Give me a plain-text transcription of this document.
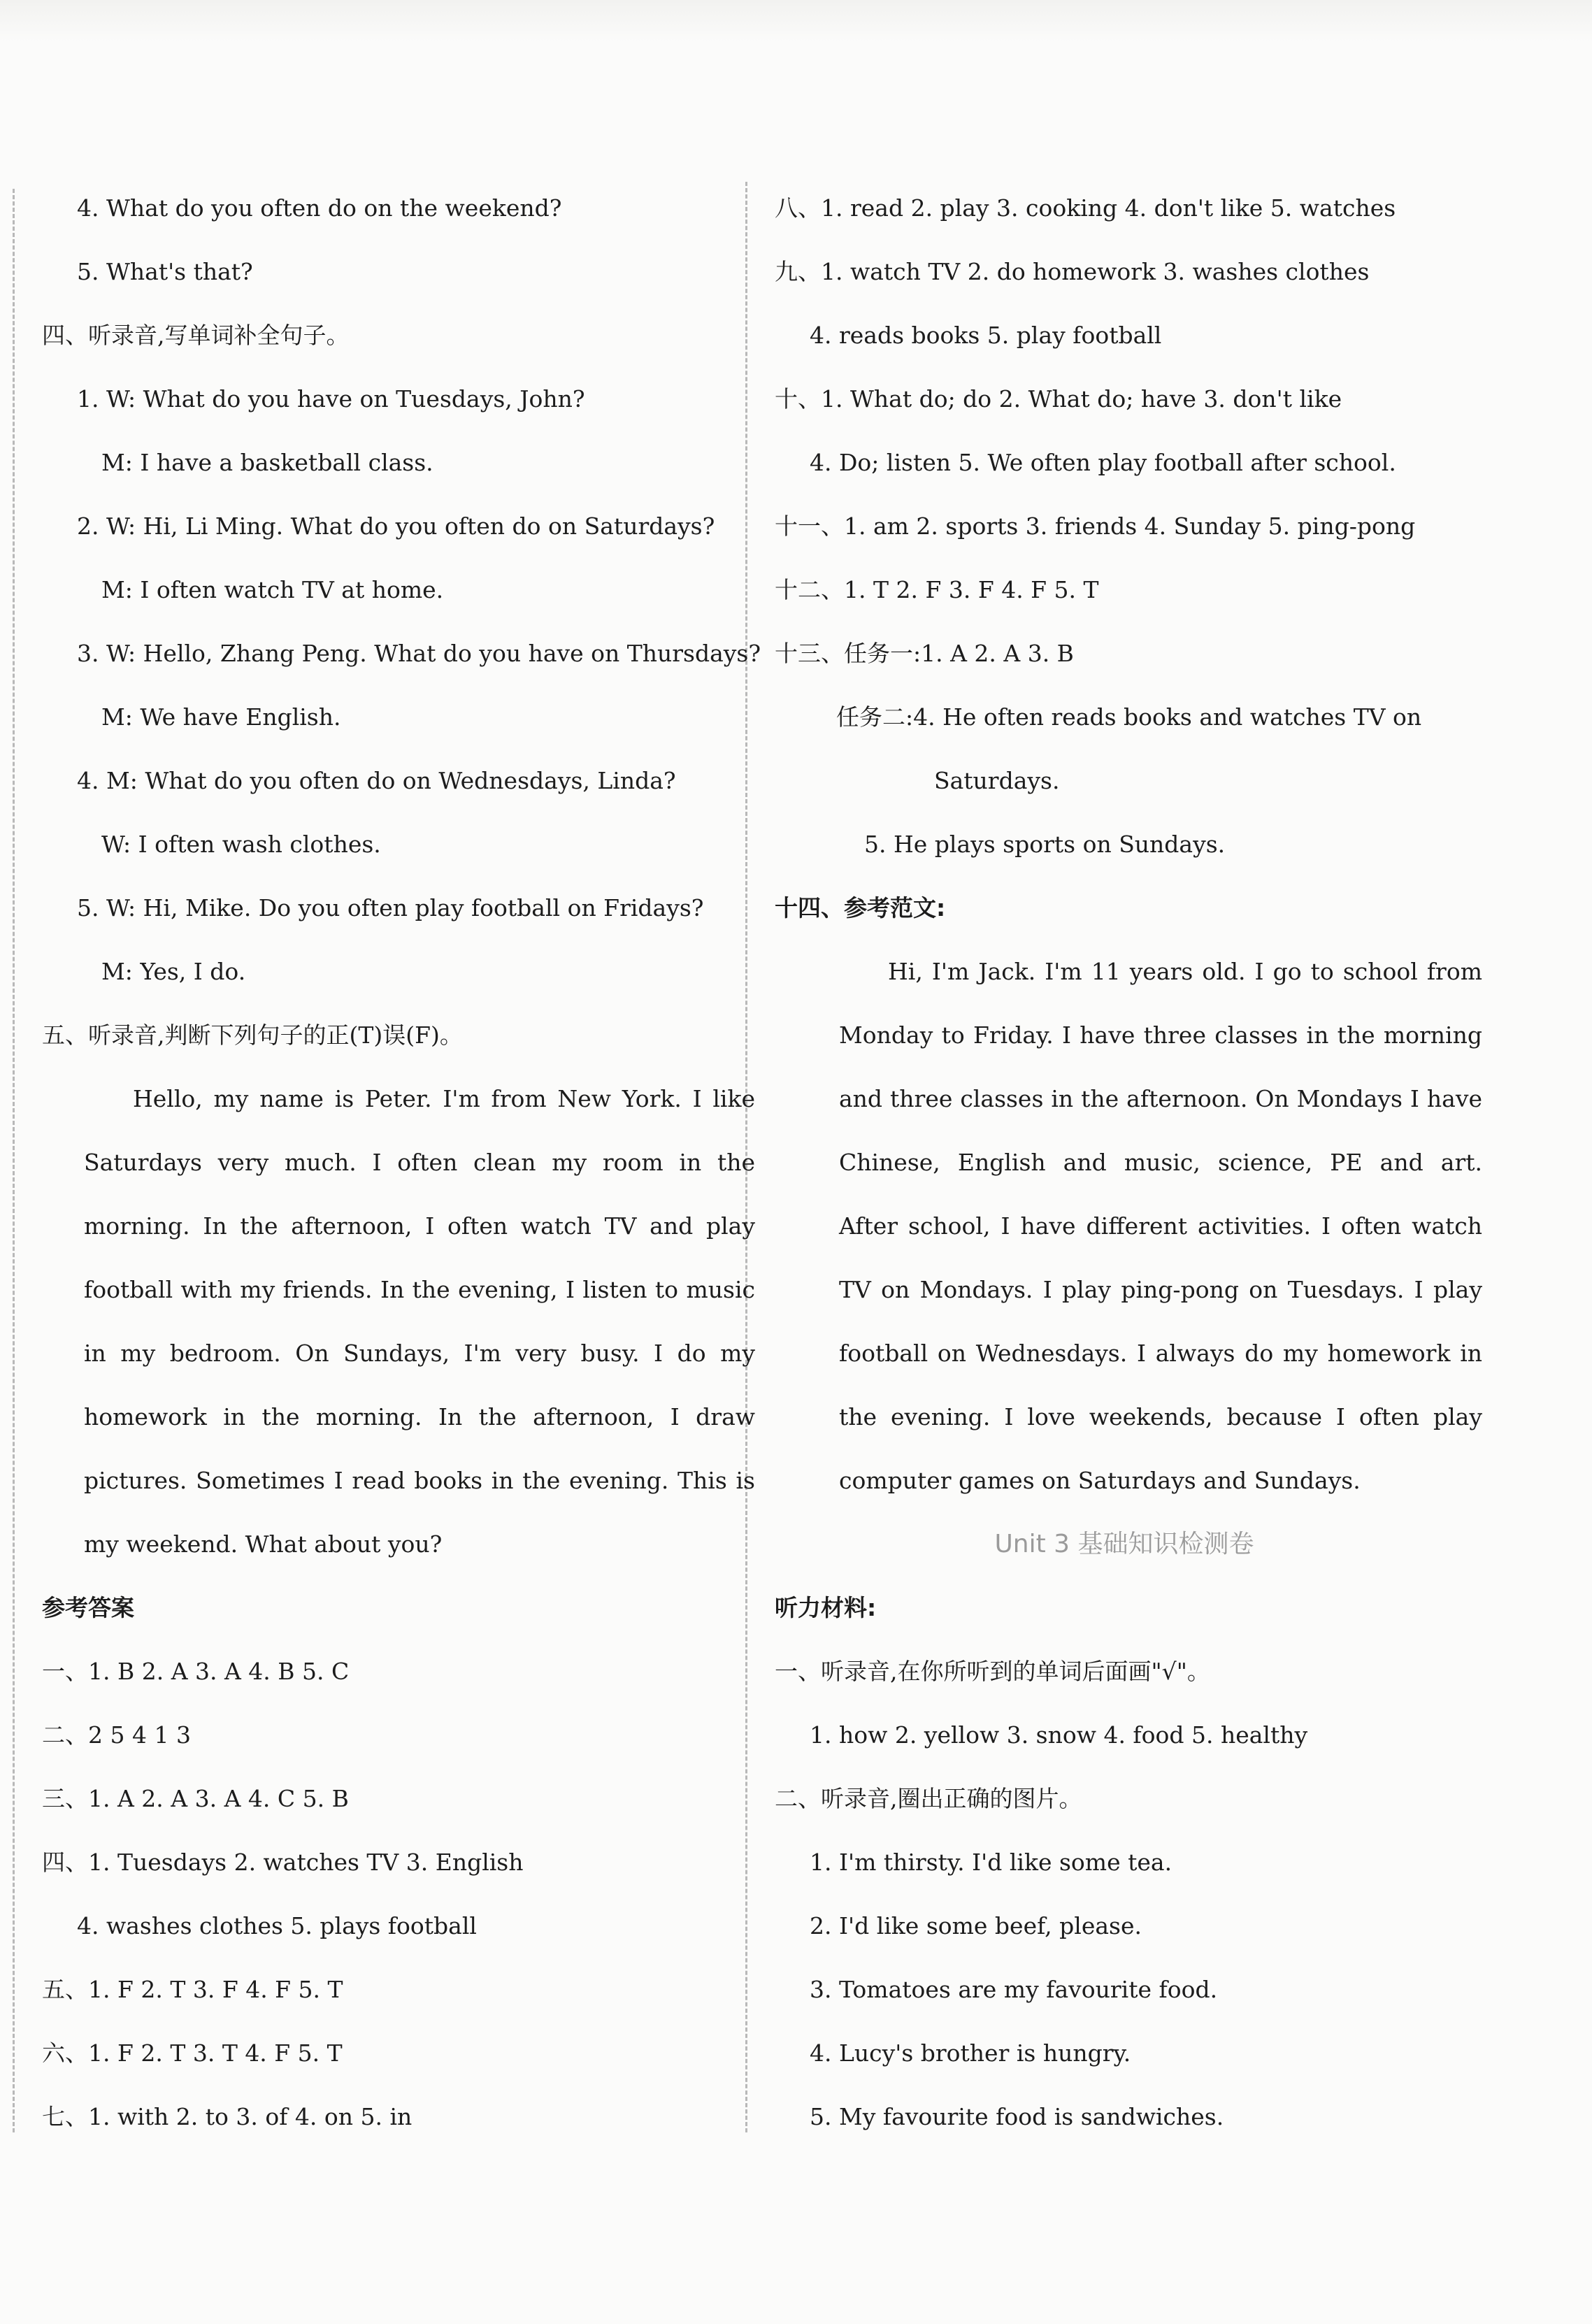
4. What do you often do on the weekend?
5. What's that?
四、听录音,写单词补全句子。
1. W: What do you have on Tuesdays, John?
M: I have a basketball class.
2. W: Hi, Li Ming. What do you often do on Saturdays?
M: I often watch TV at home.
3. W: Hello, Zhang Peng. What do you have on Thursdays?
M: We have English.
4. M: What do you often do on Wednesdays, Linda?
W: I often wash clothes.
5. W: Hi, Mike. Do you often play football on Fridays?
M: Yes, I do.
五、听录音,判断下列句子的正(T)误(F)。
Hello, my name is Peter. I'm from New York. I like
Saturdays very much. I often clean my room in the
morning. In the afternoon, I often watch TV and play
football with my friends. In the evening, I listen to music
in my bedroom. On Sundays, I'm very busy. I do my
homework in the morning. In the afternoon, I draw
pictures. Sometimes I read books in the evening. This is
my weekend. What about you?
参考答案
一、1. B 2. A 3. A 4. B 5. C
二、2 5 4 1 3
三、1. A 2. A 3. A 4. C 5. B
四、1. Tuesdays 2. watches TV 3. English
4. washes clothes 5. plays football
五、1. F 2. T 3. F 4. F 5. T
六、1. F 2. T 3. T 4. F 5. T
七、1. with 2. to 3. of 4. on 5. in
八、1. read 2. play 3. cooking 4. don't like 5. watches
九、1. watch TV 2. do homework 3. washes clothes
4. reads books 5. play football
十、1. What do; do 2. What do; have 3. don't like
4. Do; listen 5. We often play football after school.
十一、1. am 2. sports 3. friends 4. Sunday 5. ping-pong
十二、1. T 2. F 3. F 4. F 5. T
十三、任务一:1. A 2. A 3. B
任务二:4. He often reads books and watches TV on
Saturdays.
5. He plays sports on Sundays.
十四、参考范文:
Hi, I'm Jack. I'm 11 years old. I go to school from
Monday to Friday. I have three classes in the morning
and three classes in the afternoon. On Mondays I have
Chinese, English and music, science, PE and art.
After school, I have different activities. I often watch
TV on Mondays. I play ping-pong on Tuesdays. I play
football on Wednesdays. I always do my homework in
the evening. I love weekends, because I often play
computer games on Saturdays and Sundays.
Unit 3 基础知识检测卷
听力材料:
一、听录音,在你所听到的单词后面画"√"。
1. how 2. yellow 3. snow 4. food 5. healthy
二、听录音,圈出正确的图片。
1. I'm thirsty. I'd like some tea.
2. I'd like some beef, please.
3. Tomatoes are my favourite food.
4. Lucy's brother is hungry.
5. My favourite food is sandwiches.
